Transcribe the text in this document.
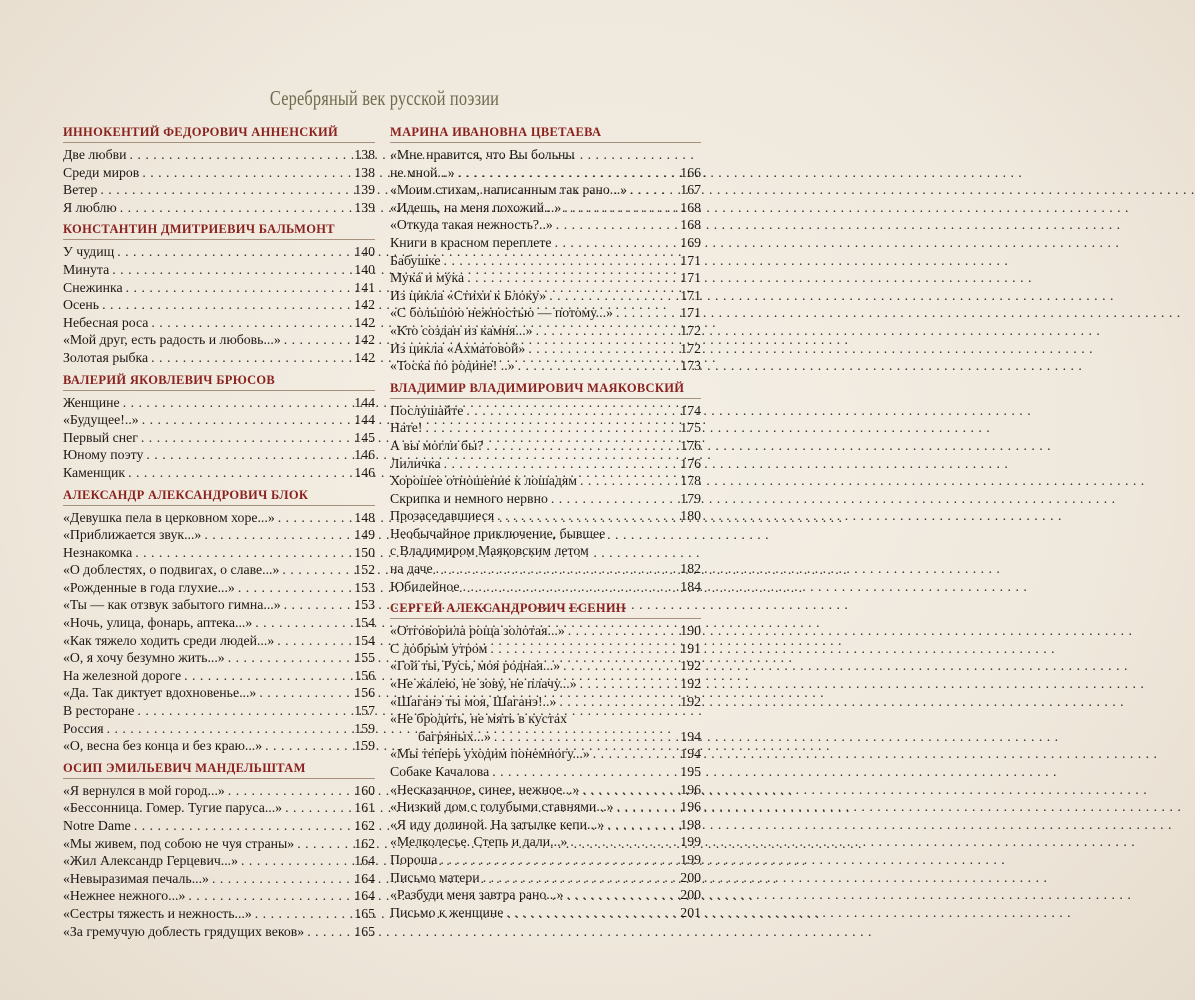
Серебряный век русской поэзии
ИННОКЕНТИЙ ФЕДОРОВИЧ АННЕНСКИЙ
Две любви . . .	138
Среди миров . . .	138
Ветер . . .	139
Я люблю . . .	139
КОНСТАНТИН ДМИТРИЕВИЧ БАЛЬМОНТ
У чудищ . . .	140
Минута . . .	140
Снежинка . . .	141
Осень . . .	142
Небесная роса . . .	142
«Мой друг, есть радость и любовь...» . . .	142
Золотая рыбка . . .	142
ВАЛЕРИЙ ЯКОВЛЕВИЧ БРЮСОВ
Женщине . . .	144
«Будущее!..» . . .	144
Первый снег . . .	145
Юному поэту . . .	146
Каменщик . . .	146
АЛЕКСАНДР АЛЕКСАНДРОВИЧ БЛОК
«Девушка пела в церковном хоре...» . . .	148
«Приближается звук...» . . .	149
Незнакомка . . .	150
«О доблестях, о подвигах, о славе...» . . .	152
«Рожденные в года глухие...» . . .	153
«Ты — как отзвук забытого гимна...» . . .	153
«Ночь, улица, фонарь, аптека...» . . .	154
«Как тяжело ходить среди людей...» . . .	154
«О, я хочу безумно жить...» . . .	155
На железной дороге . . .	156
«Да. Так диктует вдохновенье...» . . .	156
В ресторане . . .	157
Россия . . .	159
«О, весна без конца и без краю...» . . .	159
ОСИП ЭМИЛЬЕВИЧ МАНДЕЛЬШТАМ
«Я вернулся в мой город...» . . .	160
«Бессонница. Гомер. Тугие паруса...» . . .	161
Notre Dame . . .	162
«Мы живем, под собою не чуя страны» . . .	162
«Жил Александр Герцевич...» . . .	164
«Невыразимая печаль...» . . .	164
«Нежнее нежного...» . . .	164
«Сестры тяжесть и нежность...» . . .	165
«За гремучую доблесть грядущих веков» . . .	165
МАРИНА ИВАНОВНА ЦВЕТАЕВА
«Мне нравится, что Вы больны
не мной...» . . .	166
«Моим стихам, написанным так рано...» . . .	167
«Идешь, на меня похожий...» . . .	168
«Откуда такая нежность?..» . . .	168
Книги в красном переплете . . .	169
Бабушке . . .	171
Мукá и мýка . . .	171
Из цикла «Стихи к Блоку» . . .	171
«С большою нежностью — потому...» . . .	171
«Кто создан из камня...» . . .	172
Из цикла «Ахматовой» . . .	172
«Тоска по родине! ..» . . .	173
ВЛАДИМИР ВЛАДИМИРОВИЧ МАЯКОВСКИЙ
Послушайте . . .	174
Нате! . . .	175
А вы могли бы? . . .	176
Лиличка . . .	176
Хорошее отношение к лошадям . . .	178
Скрипка и немного нервно . . .	179
Прозаседавшиеся . . .	180
Необычайное приключение, бывшее
с Владимиром Маяковским летом
на даче . . .	182
Юбилейное . . .	184
СЕРГЕЙ АЛЕКСАНДРОВИЧ ЕСЕНИН
«Отговорила роща золотая...» . . .	190
С добрым утром . . .	191
«Гой ты, Русь, моя родная...» . . .	192
«Не жалею, не зову, не плачу...» . . .	192
«Шаганэ ты моя, Шаганэ!..» . . .	192
«Не бродить, не мять в кустах
багряных...» . . .	194
«Мы теперь уходим понемногу...» . . .	194
Собаке Качалова . . .	195
«Несказанное, синее, нежное...» . . .	196
«Низкий дом с голубыми ставнями...» . . .	196
«Я иду долиной. На затылке кепи...» . . .	198
«Мелколесье. Степь и дали...» . . .	199
Пороша . . .	199
Письмо матери . . .	200
«Разбуди меня завтра рано...» . . .	200
Письмо к женщине . . .	201
